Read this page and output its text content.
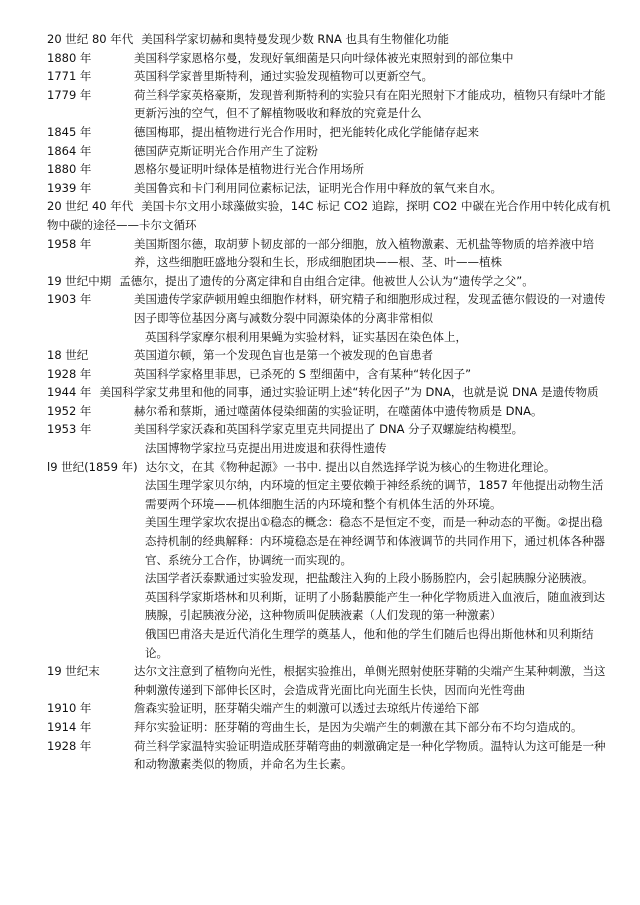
20 世纪 80 年代 美国科学家切赫和奥特曼发现少数 RNA 也具有生物催化功能
1880 年	美国科学家恩格尔曼，发现好氧细菌是只向叶绿体被光束照射到的部位集中
1771 年	英国科学家普里斯特利，通过实验发现植物可以更新空气。
1779 年	荷兰科学家英格豪斯，发现普利斯特利的实验只有在阳光照射下才能成功，植物只有绿叶才能更新污浊的空气，但不了解植物吸收和释放的究竟是什么
1845 年	德国梅耶，提出植物进行光合作用时，把光能转化成化学能储存起来
1864 年	德国萨克斯证明光合作用产生了淀粉
1880 年	恩格尔曼证明叶绿体是植物进行光合作用场所
1939 年	美国鲁宾和卡门利用同位素标记法，证明光合作用中释放的氧气来自水。
20 世纪 40 年代 美国卡尔文用小球藻做实验，14C 标记 CO2 追踪，探明 CO2 中碳在光合作用中转化成有机物中碳的途径——卡尔文循环
1958 年	美国斯图尔德，取胡萝卜韧皮部的一部分细胞，放入植物激素、无机盐等物质的培养液中培养，这些细胞旺盛地分裂和生长，形成细胞团块——根、茎、叶——植株
19 世纪中期 孟德尔，提出了遗传的分离定律和自由组合定律。他被世人公认为“遗传学之父”。
1903 年	美国遗传学家萨顿用蝗虫细胞作材料，研究精子和细胞形成过程，发现孟德尔假设的一对遗传因子即等位基因分离与减数分裂中同源染体的分离非常相似
英国科学家摩尔根利用果蝇为实验材料，证实基因在染色体上，
18 世纪	英国道尔顿，第一个发现色盲也是第一个被发现的色盲患者
1928 年	英国科学家格里菲思，已杀死的 S 型细菌中，含有某种“转化因子”
1944 年 美国科学家艾弗里和他的同事，通过实验证明上述“转化因子”为 DNA，也就是说 DNA 是遗传物质
1952 年	赫尔希和蔡斯，通过噬菌体侵染细菌的实验证明，在噬菌体中遗传物质是 DNA。
1953 年	美国科学家沃森和英国科学家克里克共同提出了 DNA 分子双螺旋结构模型。
法国博物学家拉马克提出用进废退和获得性遗传
l9 世纪(1859 年) 达尔文，在其《物种起源》一书中. 提出以自然选择学说为核心的生物进化理论。
法国生理学家贝尔纳，内环境的恒定主要依赖于神经系统的调节，1857 年他提出动物生活需要两个环境——机体细胞生活的内环境和整个有机体生活的外环境。
美国生理学家坎农提出①稳态的概念：稳态不是恒定不变，而是一种动态的平衡。②提出稳态持机制的经典解释：内环境稳态是在神经调节和体液调节的共同作用下，通过机体各种器官、系统分工合作，协调统一而实现的。
法国学者沃泰默通过实验发现，把盐酸注入狗的上段小肠肠腔内，会引起胰腺分泌胰液。
英国科学家斯塔林和贝利斯，证明了小肠黏膜能产生一种化学物质进入血液后，随血液到达胰腺，引起胰液分泌，这种物质叫促胰液素（人们发现的第一种激素）
俄国巴甫洛夫是近代消化生理学的奠基人，他和他的学生们随后也得出斯他林和贝利斯结论。
19 世纪末	达尔文注意到了植物向光性，根据实验推出，单侧光照射使胚芽鞘的尖端产生某种刺激，当这种刺激传递到下部伸长区时，会造成背光面比向光面生长快，因而向光性弯曲
1910 年	詹森实验证明，胚芽鞘尖端产生的刺激可以透过去琼纸片传递给下部
1914 年	拜尔实验证明：胚芽鞘的弯曲生长，是因为尖端产生的刺激在其下部分布不均匀造成的。
1928 年	荷兰科学家温特实验证明造成胚芽鞘弯曲的刺激确定是一种化学物质。温特认为这可能是一种和动物激素类似的物质，并命名为生长素。
